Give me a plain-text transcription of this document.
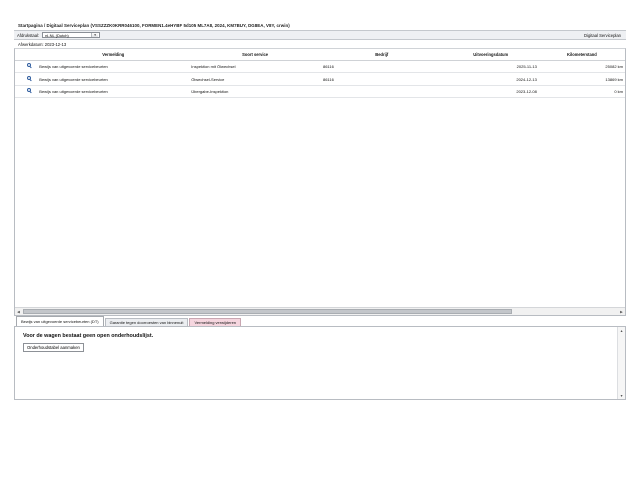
Startpagina / Digitaal Serviceplan (VSSZZZK0KRR046100, FORMEN1.4eHYBF 5d105 ML7A8, 2024, KM7BUY, DG8EA, V8Y, crwin)
Afdrukstaal: nl-NL (Dutch)	▼	Digitaal Serviceplan
Afwerkdatum: 2023-12-13
	Vermelding	Soort service	Bedrijf	Uitvoeringsdatum	Kilometerstand

	Bewijs van uitgevoerde servicebeurten	Inspektion mit Ölwechsel	86116	2025-11-13	25082 km

	Bewijs van uitgevoerde servicebeurten	Ölwechsel-Service	86116	2024-12-13	13869 km

	Bewijs van uitgevoerde servicebeurten	Übergabe-Inspektion		2023-12-08	0 km
◀	▶
Bewijs van uitgevoerde servicebeurten (DT)	Garantie tegen doorroesten van binnenuit	Vermelding verwijderen
Voor de wagen bestaat geen open onderhoudslijst.
Onderhoudstabel aanmaken
▲
▼
